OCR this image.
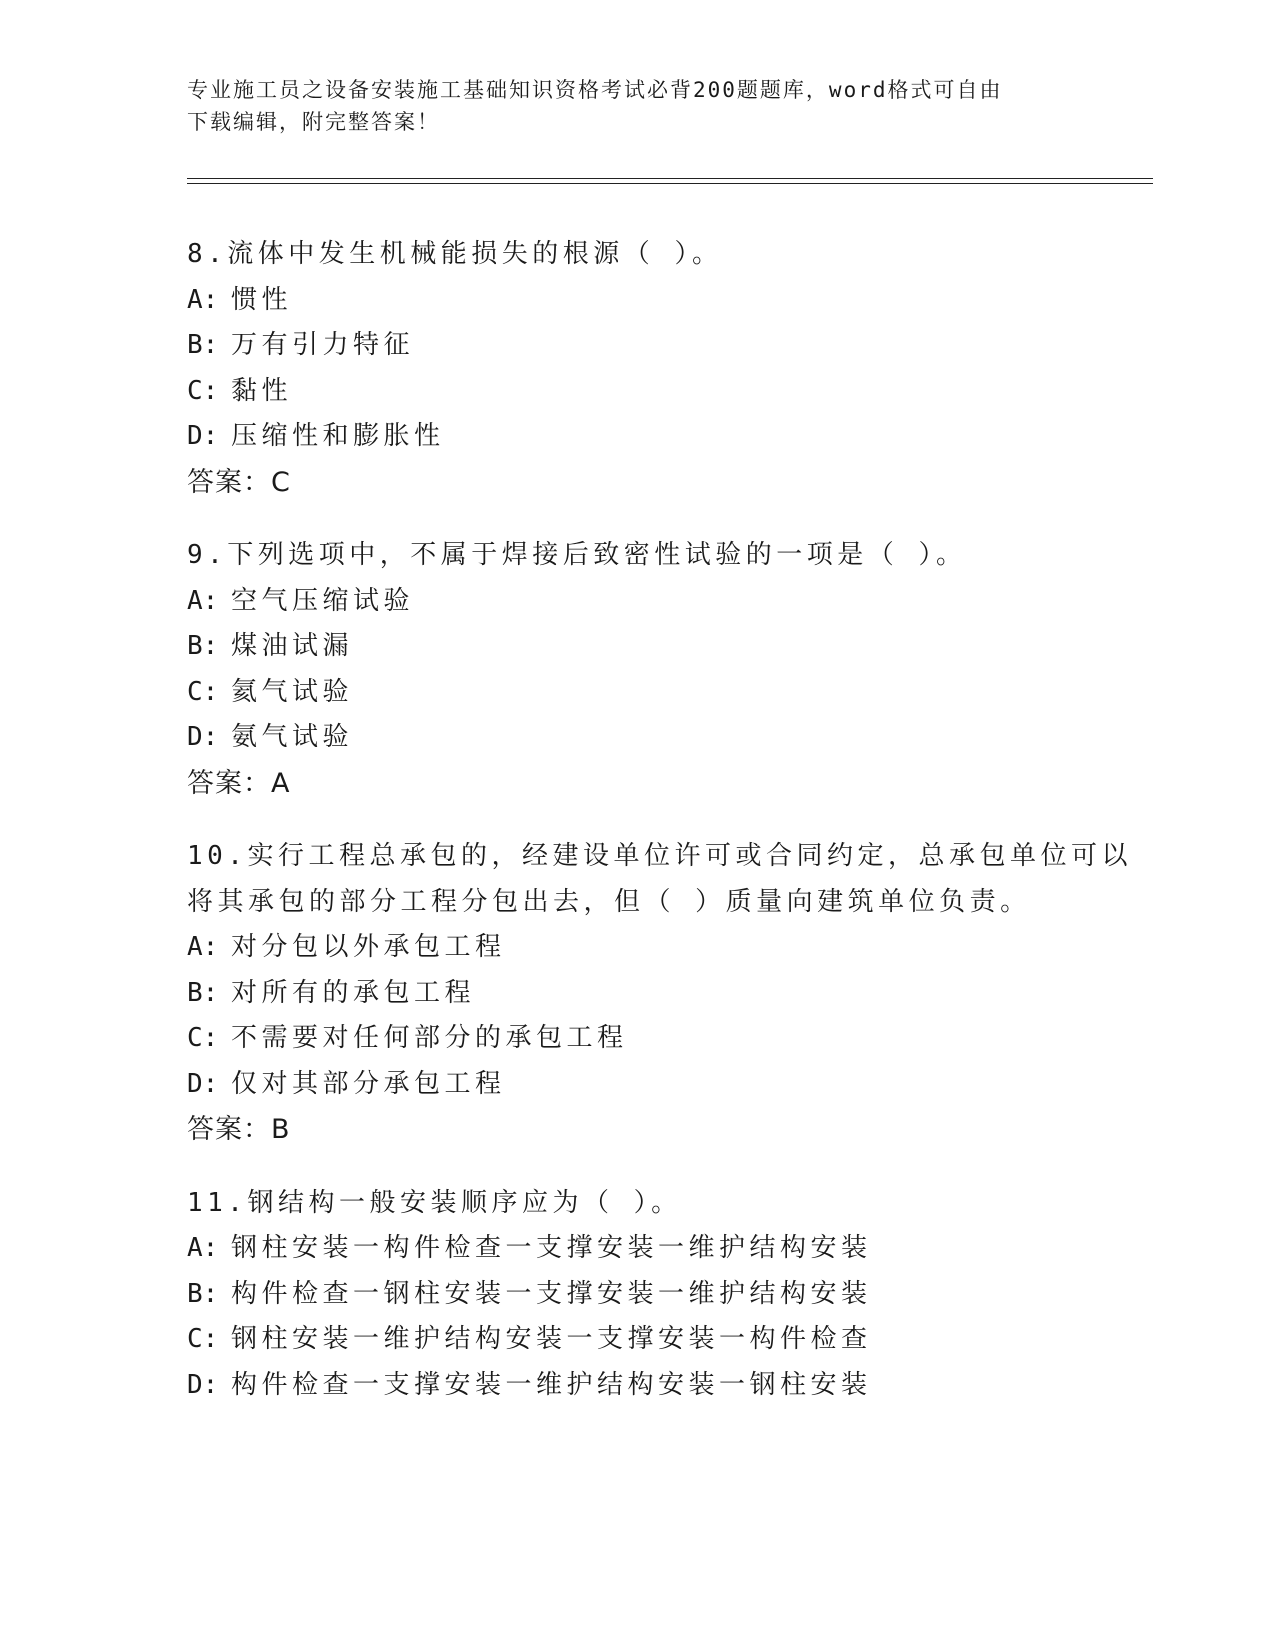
专业施工员之设备安装施工基础知识资格考试必背200题题库，word格式可自由
下载编辑，附完整答案！
8.流体中发生机械能损失的根源（ ）。
A: 惯性
B: 万有引力特征
C: 黏性
D: 压缩性和膨胀性
答案：C
9.下列选项中，不属于焊接后致密性试验的一项是（ ）。
A: 空气压缩试验
B: 煤油试漏
C: 氦气试验
D: 氨气试验
答案：A
10.实行工程总承包的，经建设单位许可或合同约定，总承包单位可以
将其承包的部分工程分包出去，但（ ）质量向建筑单位负责。
A: 对分包以外承包工程
B: 对所有的承包工程
C: 不需要对任何部分的承包工程
D: 仅对其部分承包工程
答案：B
11.钢结构一般安装顺序应为（ ）。
A: 钢柱安装一构件检查一支撑安装一维护结构安装
B: 构件检查一钢柱安装一支撑安装一维护结构安装
C: 钢柱安装一维护结构安装一支撑安装一构件检查
D: 构件检查一支撑安装一维护结构安装一钢柱安装
